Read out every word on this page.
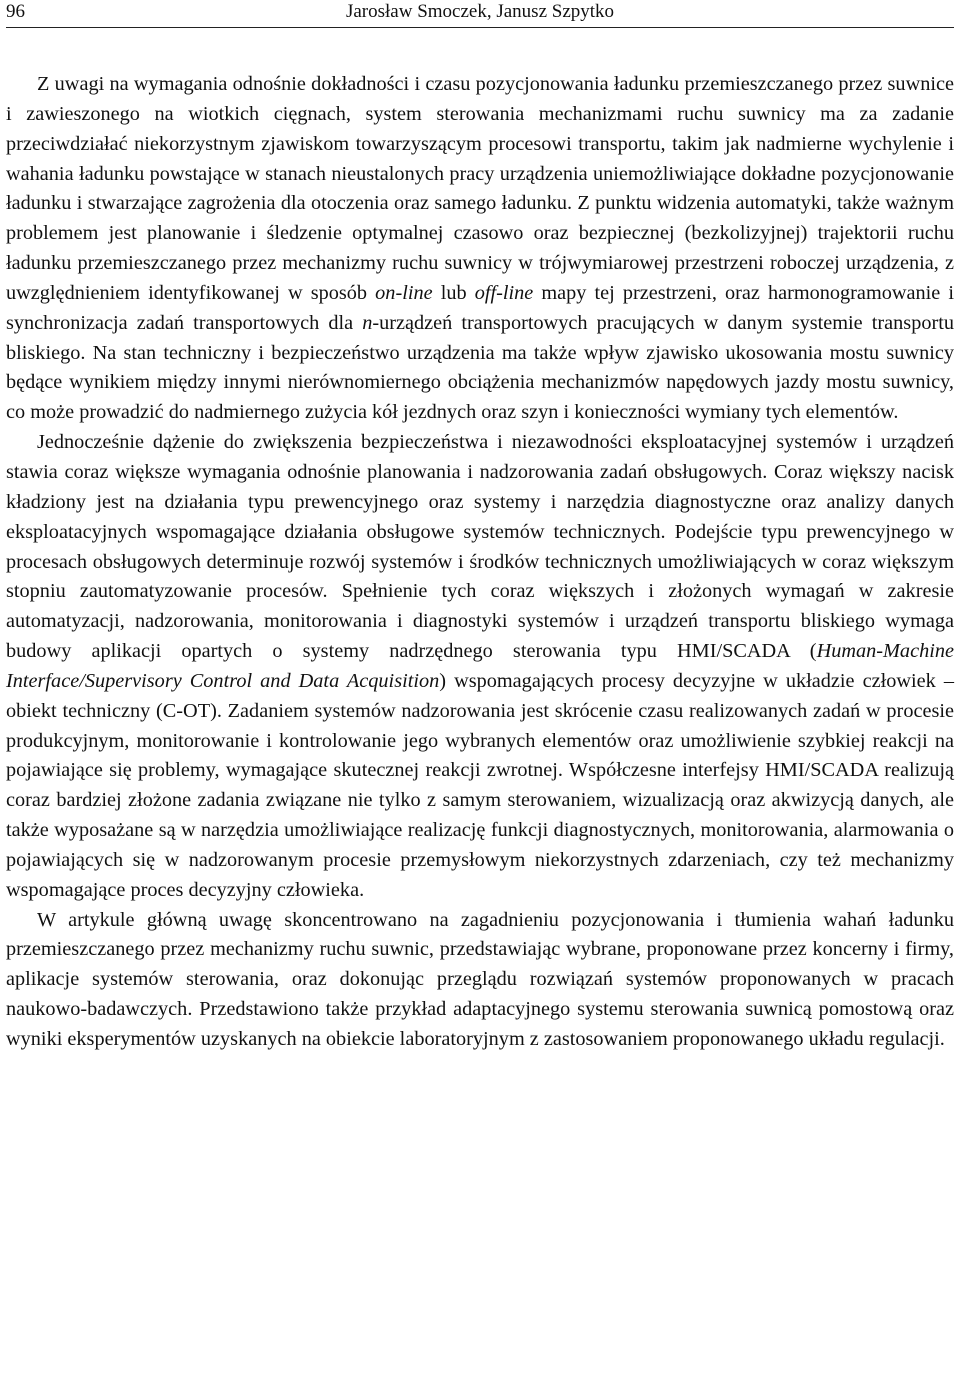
96	Jarosław Smoczek, Janusz Szpytko

Z uwagi na wymagania odnośnie dokładności i czasu pozycjonowania ładunku przemieszczanego przez suwnice i zawieszonego na wiotkich cięgnach, system sterowania mechanizmami ruchu suwnicy ma za zadanie przeciwdziałać niekorzystnym zjawiskom towarzyszącym procesowi transportu, takim jak nadmierne wychylenie i wahania ładunku powstające w stanach nieustalonych pracy urządzenia uniemożliwiające dokładne pozycjonowanie ładunku i stwarzające zagrożenia dla otoczenia oraz samego ładunku. Z punktu widzenia automatyki, także ważnym problemem jest planowanie i śledzenie optymalnej czasowo oraz bezpiecznej (bezkolizyjnej) trajektorii ruchu ładunku przemieszczanego przez mechanizmy ruchu suwnicy w trójwymiarowej przestrzeni roboczej urządzenia, z uwzględnieniem identyfikowanej w sposób on-line lub off-line mapy tej przestrzeni, oraz harmonogramowanie i synchronizacja zadań transportowych dla n-urządzeń transportowych pracujących w danym systemie transportu bliskiego. Na stan techniczny i bezpieczeństwo urządzenia ma także wpływ zjawisko ukosowania mostu suwnicy będące wynikiem między innymi nierównomiernego obciążenia mechanizmów napędowych jazdy mostu suwnicy, co może prowadzić do nadmiernego zużycia kół jezdnych oraz szyn i konieczności wymiany tych elementów.

Jednocześnie dążenie do zwiększenia bezpieczeństwa i niezawodności eksploatacyjnej systemów i urządzeń stawia coraz większe wymagania odnośnie planowania i nadzorowania zadań obsługowych. Coraz większy nacisk kładziony jest na działania typu prewencyjnego oraz systemy i narzędzia diagnostyczne oraz analizy danych eksploatacyjnych wspomagające działania obsługowe systemów technicznych. Podejście typu prewencyjnego w procesach obsługowych determinuje rozwój systemów i środków technicznych umożliwiających w coraz większym stopniu zautomatyzowanie procesów. Spełnienie tych coraz większych i złożonych wymagań w zakresie automatyzacji, nadzorowania, monitorowania i diagnostyki systemów i urządzeń transportu bliskiego wymaga budowy aplikacji opartych o systemy nadrzędnego sterowania typu HMI/SCADA (Human-Machine Interface/Supervisory Control and Data Acquisition) wspomagających procesy decyzyjne w układzie człowiek – obiekt techniczny (C-OT). Zadaniem systemów nadzorowania jest skrócenie czasu realizowanych zadań w procesie produkcyjnym, monitorowanie i kontrolowanie jego wybranych elementów oraz umożliwienie szybkiej reakcji na pojawiające się problemy, wymagające skutecznej reakcji zwrotnej. Współczesne interfejsy HMI/SCADA realizują coraz bardziej złożone zadania związane nie tylko z samym sterowaniem, wizualizacją oraz akwizycją danych, ale także wyposażane są w narzędzia umożliwiające realizację funkcji diagnostycznych, monitorowania, alarmowania o pojawiających się w nadzorowanym procesie przemysłowym niekorzystnych zdarzeniach, czy też mechanizmy wspomagające proces decyzyjny człowieka.

W artykule główną uwagę skoncentrowano na zagadnieniu pozycjonowania i tłumienia wahań ładunku przemieszczanego przez mechanizmy ruchu suwnic, przedstawiając wybrane, proponowane przez koncerny i firmy, aplikacje systemów sterowania, oraz dokonując przeglądu rozwiązań systemów proponowanych w pracach naukowo-badawczych. Przedstawiono także przykład adaptacyjnego systemu sterowania suwnicą pomostową oraz wyniki eksperymentów uzyskanych na obiekcie laboratoryjnym z zastosowaniem proponowanego układu regulacji.
